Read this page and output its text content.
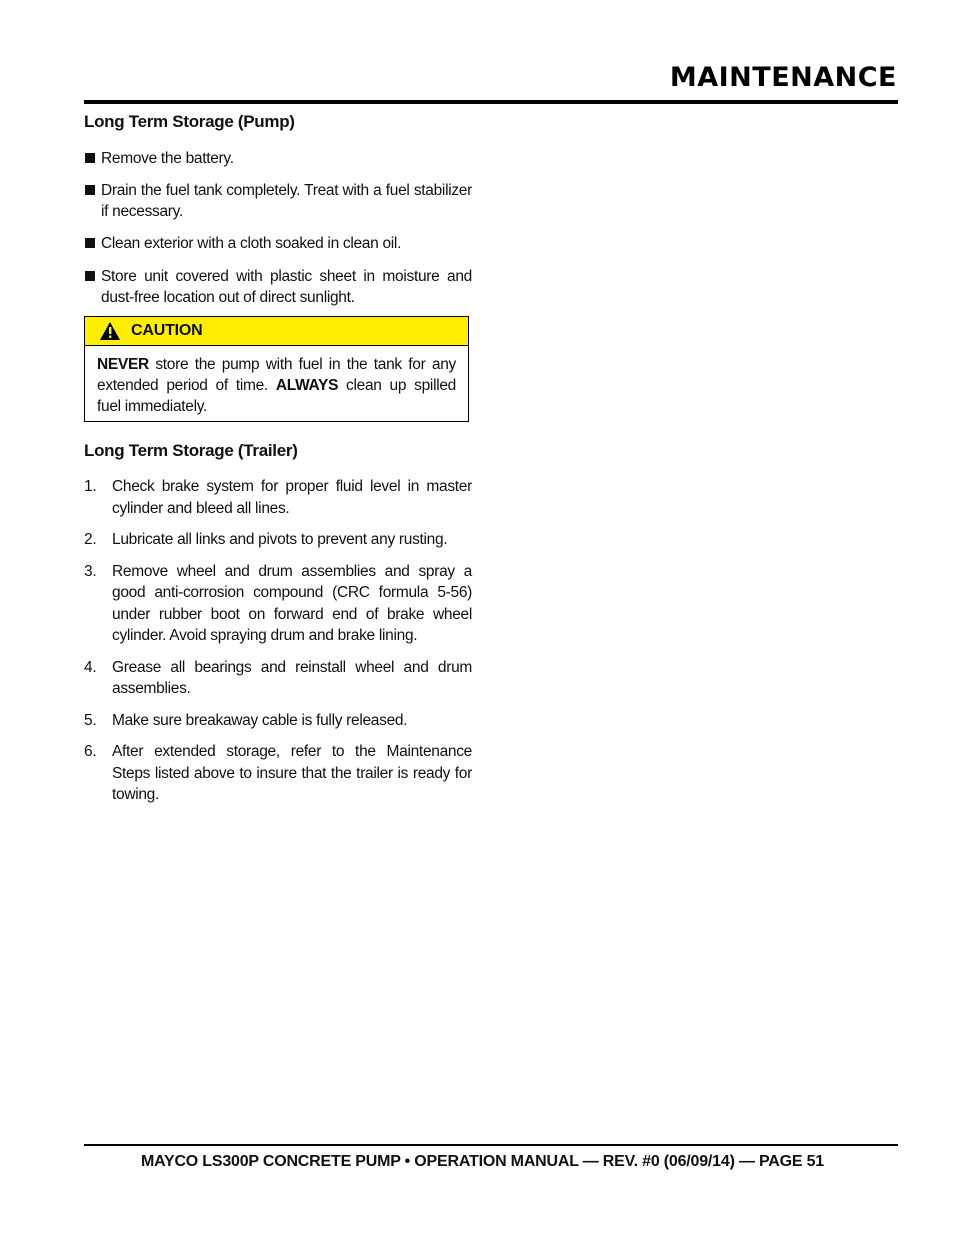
MAINTENANCE
Long Term Storage (Pump)
Remove the battery.
Drain the fuel tank completely. Treat with a fuel stabilizer if necessary.
Clean exterior with a cloth soaked in clean oil.
Store unit covered with plastic sheet in moisture and dust-free location out of direct sunlight.
CAUTION
NEVER store the pump with fuel in the tank for any extended period of time. ALWAYS clean up spilled fuel immediately.
Long Term Storage (Trailer)
1. Check brake system for proper fluid level in master cylinder and bleed all lines.
2. Lubricate all links and pivots to prevent any rusting.
3. Remove wheel and drum assemblies and spray a good anti-corrosion compound (CRC formula 5-56) under rubber boot on forward end of brake wheel cylinder. Avoid spraying drum and brake lining.
4. Grease all bearings and reinstall wheel and drum assemblies.
5. Make sure breakaway cable is fully released.
6. After extended storage, refer to the Maintenance Steps listed above to insure that the trailer is ready for towing.
MAYCO LS300P CONCRETE PUMP • OPERATION MANUAL — REV. #0 (06/09/14) — PAGE 51
